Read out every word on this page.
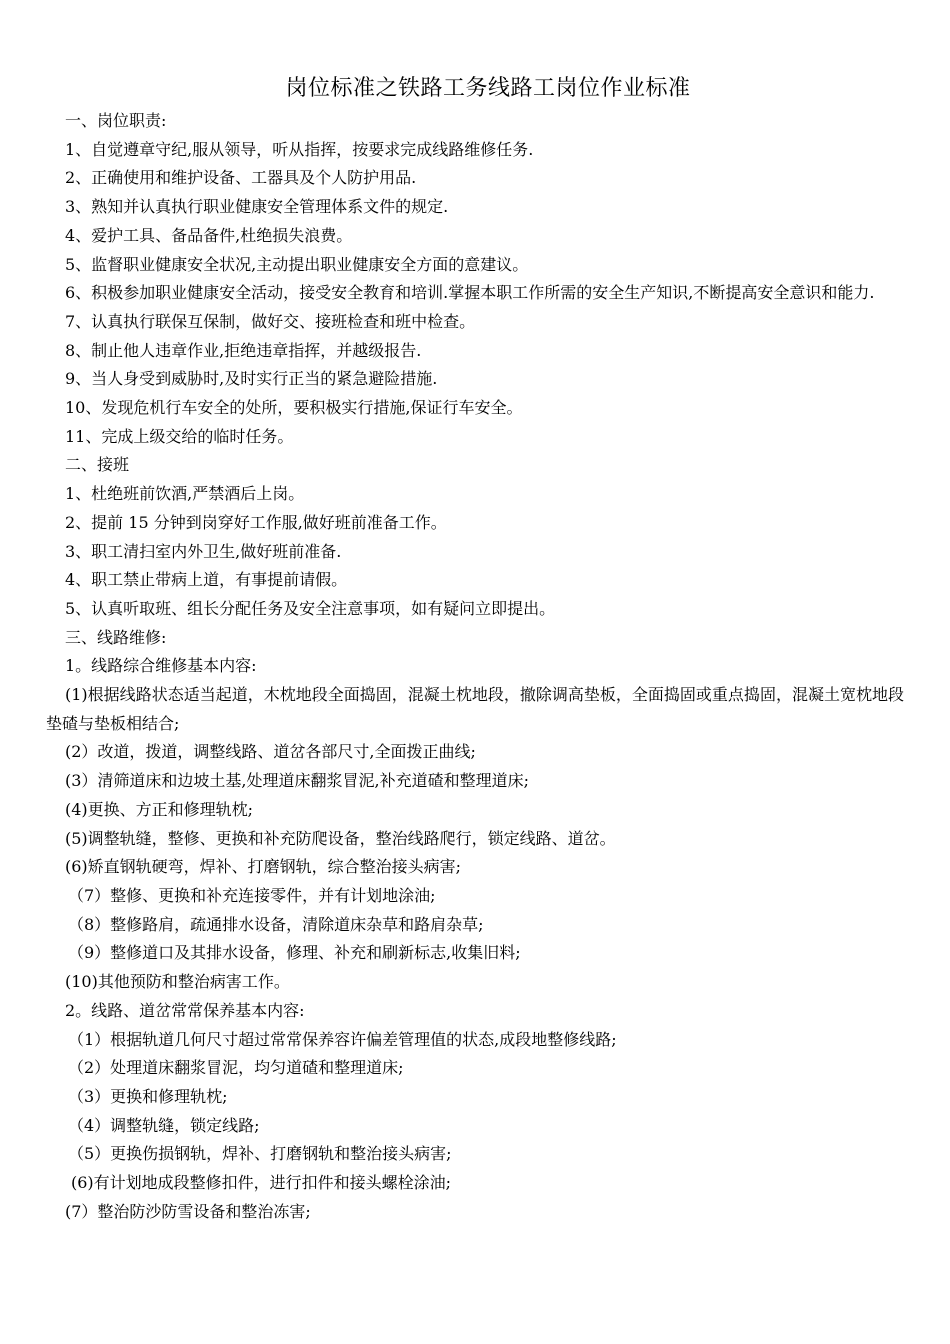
岗位标准之铁路工务线路工岗位作业标准
一、岗位职责:
1、自觉遵章守纪,服从领导，听从指挥，按要求完成线路维修任务.
2、正确使用和维护设备、工器具及个人防护用品.
3、熟知并认真执行职业健康安全管理体系文件的规定.
4、爱护工具、备品备件,杜绝损失浪费。
5、监督职业健康安全状况,主动提出职业健康安全方面的意建议。
6、积极参加职业健康安全活动，接受安全教育和培训.掌握本职工作所需的安全生产知识,不断提高安全意识和能力.
7、认真执行联保互保制，做好交、接班检查和班中检查。
8、制止他人违章作业,拒绝违章指挥，并越级报告.
9、当人身受到威胁时,及时实行正当的紧急避险措施.
10、发现危机行车安全的处所，要积极实行措施,保证行车安全。
11、完成上级交给的临时任务。
二、接班
1、杜绝班前饮酒,严禁酒后上岗。
2、提前 15 分钟到岗穿好工作服,做好班前准备工作。
3、职工清扫室内外卫生,做好班前准备.
4、职工禁止带病上道，有事提前请假。
5、认真听取班、组长分配任务及安全注意事项，如有疑问立即提出。
三、线路维修:
1。线路综合维修基本内容:
(1)根据线路状态适当起道，木枕地段全面捣固，混凝土枕地段，撤除调高垫板，全面捣固或重点捣固，混凝土宽枕地段垫碴与垫板相结合;
(2）改道，拨道，调整线路、道岔各部尺寸,全面拨正曲线;
(3）清筛道床和边坡土基,处理道床翻浆冒泥,补充道碴和整理道床;
(4)更换、方正和修理轨枕;
(5)调整轨缝，整修、更换和补充防爬设备，整治线路爬行，锁定线路、道岔。
(6)矫直钢轨硬弯，焊补、打磨钢轨，综合整治接头病害;
（7）整修、更换和补充连接零件，并有计划地涂油;
（8）整修路肩，疏通排水设备，清除道床杂草和路肩杂草;
（9）整修道口及其排水设备，修理、补充和刷新标志,收集旧料;
(10)其他预防和整治病害工作。
2。线路、道岔常常保养基本内容:
（1）根据轨道几何尺寸超过常常保养容许偏差管理值的状态,成段地整修线路;
（2）处理道床翻浆冒泥，均匀道碴和整理道床;
（3）更换和修理轨枕;
（4）调整轨缝，锁定线路;
（5）更换伤损钢轨，焊补、打磨钢轨和整治接头病害;
(6)有计划地成段整修扣件，进行扣件和接头螺栓涂油;
(7）整治防沙防雪设备和整治冻害;
